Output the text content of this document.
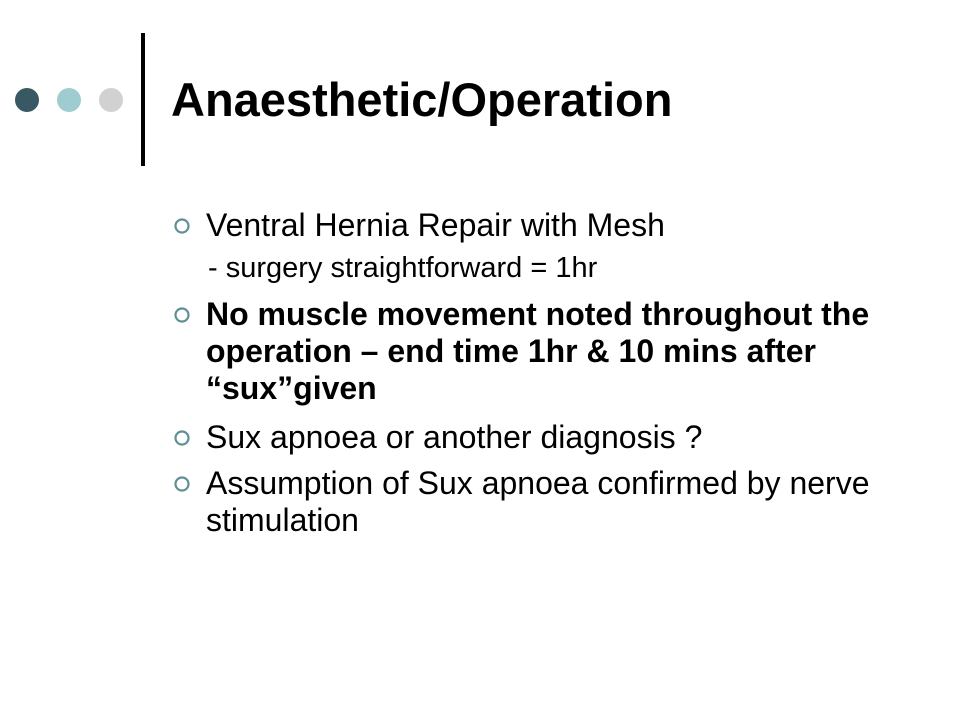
Anaesthetic/Operation
Ventral Hernia Repair with Mesh
- surgery straightforward = 1hr
No muscle movement noted throughout the operation – end time 1hr & 10 mins after “sux”given
Sux apnoea or another diagnosis ?
Assumption of Sux apnoea confirmed by nerve stimulation
